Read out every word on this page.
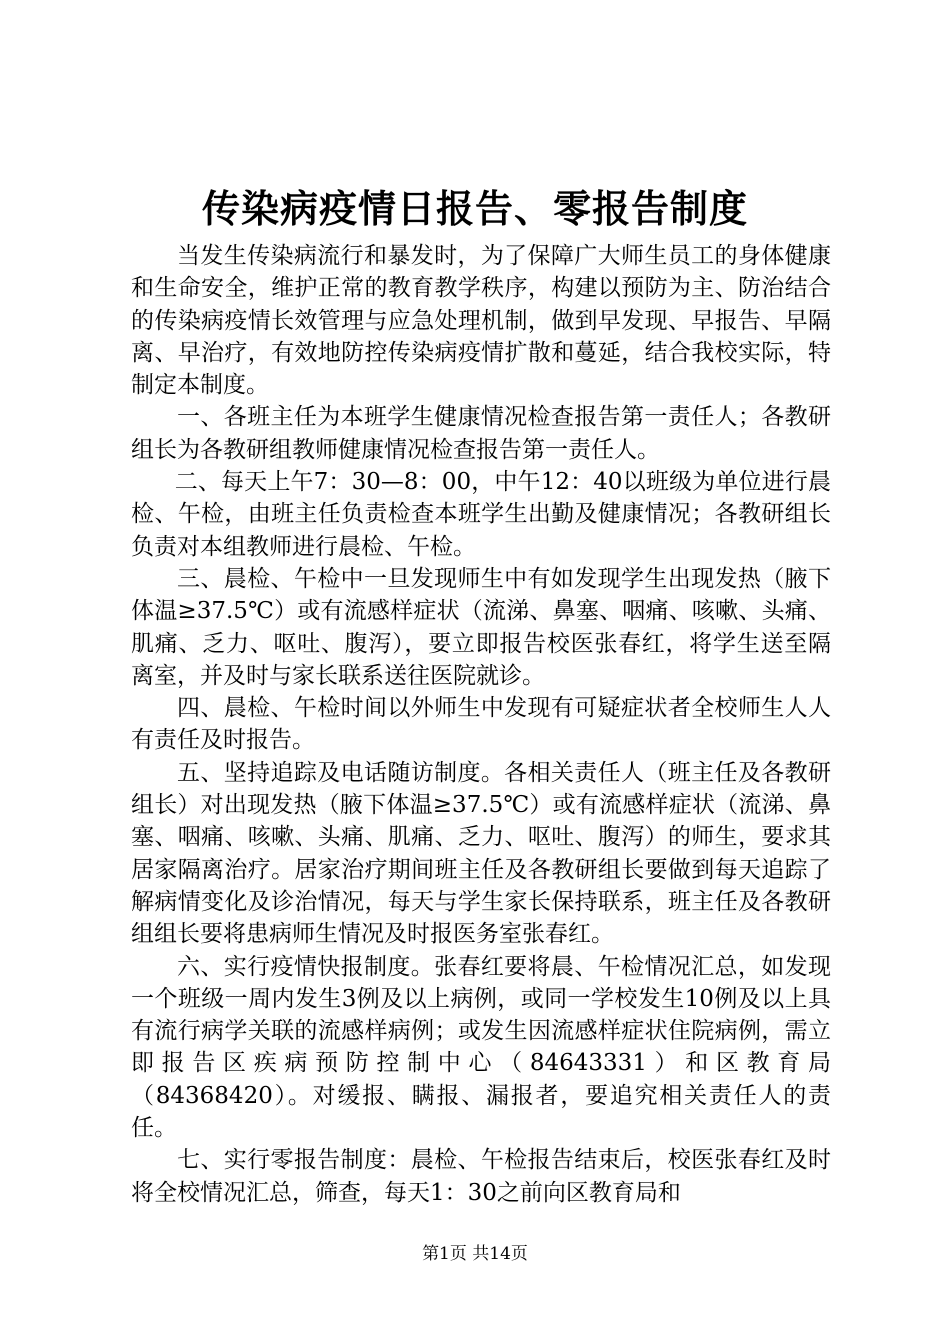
传染病疫情日报告、零报告制度

当发生传染病流行和暴发时，为了保障广大师生员工的身体健康和生命安全，维护正常的教育教学秩序，构建以预防为主、防治结合的传染病疫情长效管理与应急处理机制，做到早发现、早报告、早隔离、早治疗，有效地防控传染病疫情扩散和蔓延，结合我校实际，特制定本制度。

一、各班主任为本班学生健康情况检查报告第一责任人；各教研组长为各教研组教师健康情况检查报告第一责任人。

二、每天上午7：30—8：00，中午12：40以班级为单位进行晨检、午检，由班主任负责检查本班学生出勤及健康情况；各教研组长负责对本组教师进行晨检、午检。

三、晨检、午检中一旦发现师生中有如发现学生出现发热（腋下体温≥37.5℃）或有流感样症状（流涕、鼻塞、咽痛、咳嗽、头痛、肌痛、乏力、呕吐、腹泻），要立即报告校医张春红，将学生送至隔离室，并及时与家长联系送往医院就诊。

四、晨检、午检时间以外师生中发现有可疑症状者全校师生人人有责任及时报告。

五、坚持追踪及电话随访制度。各相关责任人（班主任及各教研组长）对出现发热（腋下体温≥37.5℃）或有流感样症状（流涕、鼻塞、咽痛、咳嗽、头痛、肌痛、乏力、呕吐、腹泻）的师生，要求其居家隔离治疗。居家治疗期间班主任及各教研组长要做到每天追踪了解病情变化及诊治情况，每天与学生家长保持联系，班主任及各教研组组长要将患病师生情况及时报医务室张春红。

六、实行疫情快报制度。张春红要将晨、午检情况汇总，如发现一个班级一周内发生3例及以上病例，或同一学校发生10例及以上具有流行病学关联的流感样病例；或发生因流感样症状住院病例，需立即报告区疾病预防控制中心（84643331）和区教育局（84368420）。对缓报、瞒报、漏报者，要追究相关责任人的责任。

七、实行零报告制度：晨检、午检报告结束后，校医张春红及时将全校情况汇总，筛查，每天1：30之前向区教育局和

第1页 共14页
